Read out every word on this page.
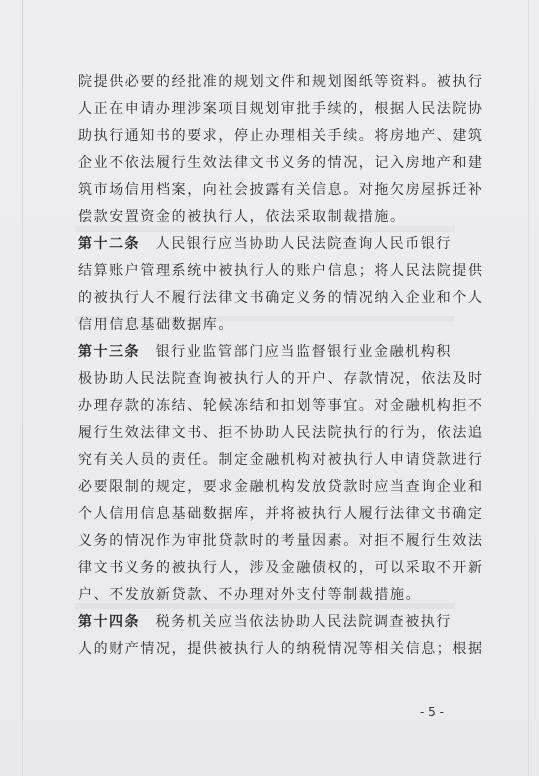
院提供必要的经批准的规划文件和规划图纸等资料。被执行
人正在申请办理涉案项目规划审批手续的，根据人民法院协
助执行通知书的要求，停止办理相关手续。将房地产、建筑
企业不依法履行生效法律文书义务的情况，记入房地产和建
筑市场信用档案，向社会披露有关信息。对拖欠房屋拆迁补
偿款安置资金的被执行人，依法采取制裁措施。
第十二条　 人民银行应当协助人民法院查询人民币银行
结算账户管理系统中被执行人的账户信息；将人民法院提供
的被执行人不履行法律文书确定义务的情况纳入企业和个人
信用信息基础数据库。
第十三条　 银行业监管部门应当监督银行业金融机构积
极协助人民法院查询被执行人的开户、存款情况，依法及时
办理存款的冻结、轮候冻结和扣划等事宜。对金融机构拒不
履行生效法律文书、拒不协助人民法院执行的行为，依法追
究有关人员的责任。制定金融机构对被执行人申请贷款进行
必要限制的规定，要求金融机构发放贷款时应当查询企业和
个人信用信息基础数据库，并将被执行人履行法律文书确定
义务的情况作为审批贷款时的考量因素。对拒不履行生效法
律文书义务的被执行人，涉及金融债权的，可以采取不开新
户、不发放新贷款、不办理对外支付等制裁措施。
第十四条　 税务机关应当依法协助人民法院调查被执行
人的财产情况，提供被执行人的纳税情况等相关信息；根据
- 5 -
